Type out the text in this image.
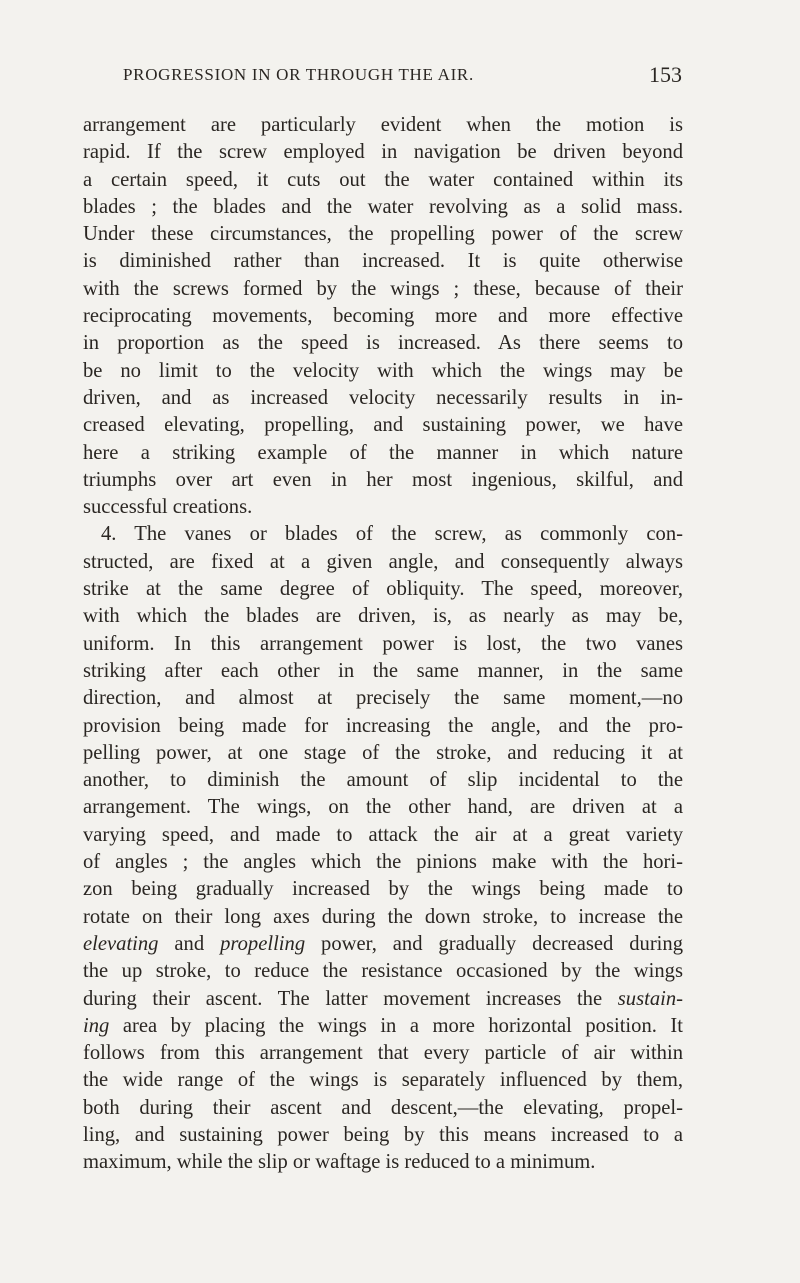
PROGRESSION IN OR THROUGH THE AIR.	153
arrangement are particularly evident when the motion is
rapid. If the screw employed in navigation be driven beyond
a certain speed, it cuts out the water contained within its
blades ; the blades and the water revolving as a solid mass.
Under these circumstances, the propelling power of the screw
is diminished rather than increased. It is quite otherwise
with the screws formed by the wings ; these, because of their
reciprocating movements, becoming more and more effective
in proportion as the speed is increased. As there seems to
be no limit to the velocity with which the wings may be
driven, and as increased velocity necessarily results in in-
creased elevating, propelling, and sustaining power, we have
here a striking example of the manner in which nature
triumphs over art even in her most ingenious, skilful, and
successful creations.
4. The vanes or blades of the screw, as commonly con-
structed, are fixed at a given angle, and consequently always
strike at the same degree of obliquity. The speed, moreover,
with which the blades are driven, is, as nearly as may be,
uniform. In this arrangement power is lost, the two vanes
striking after each other in the same manner, in the same
direction, and almost at precisely the same moment,—no
provision being made for increasing the angle, and the pro-
pelling power, at one stage of the stroke, and reducing it at
another, to diminish the amount of slip incidental to the
arrangement. The wings, on the other hand, are driven at a
varying speed, and made to attack the air at a great variety
of angles ; the angles which the pinions make with the hori-
zon being gradually increased by the wings being made to
rotate on their long axes during the down stroke, to increase the
elevating and propelling power, and gradually decreased during
the up stroke, to reduce the resistance occasioned by the wings
during their ascent. The latter movement increases the sustain-
ing area by placing the wings in a more horizontal position. It
follows from this arrangement that every particle of air within
the wide range of the wings is separately influenced by them,
both during their ascent and descent,—the elevating, propel-
ling, and sustaining power being by this means increased to a
maximum, while the slip or waftage is reduced to a minimum.
